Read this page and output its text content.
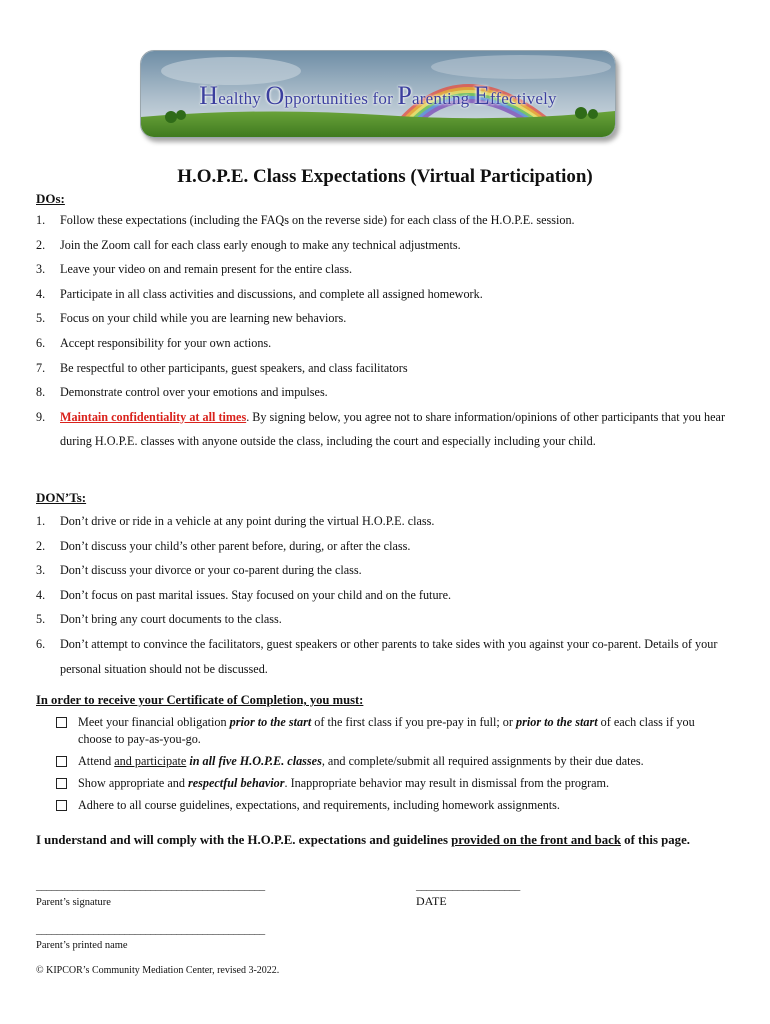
Healthy Opportunities for Parenting Effectively
H.O.P.E. Class Expectations (Virtual Participation)

DOs:

1. Follow these expectations (including the FAQs on the reverse side) for each class of the H.O.P.E. session.
2. Join the Zoom call for each class early enough to make any technical adjustments.
3. Leave your video on and remain present for the entire class.
4. Participate in all class activities and discussions, and complete all assigned homework.
5. Focus on your child while you are learning new behaviors.
6. Accept responsibility for your own actions.
7. Be respectful to other participants, guest speakers, and class facilitators
8. Demonstrate control over your emotions and impulses.
9. Maintain confidentiality at all times. By signing below, you agree not to share information/opinions of other participants that you hear during H.O.P.E. classes with anyone outside the class, including the court and especially including your child.

DON’Ts:

1. Don’t drive or ride in a vehicle at any point during the virtual H.O.P.E. class.
2. Don’t discuss your child’s other parent before, during, or after the class.
3. Don’t discuss your divorce or your co-parent during the class.
4. Don’t focus on past marital issues. Stay focused on your child and on the future.
5. Don’t bring any court documents to the class.
6. Don’t attempt to convince the facilitators, guest speakers or other parents to take sides with you against your co-parent. Details of your personal situation should not be discussed.

In order to receive your Certificate of Completion, you must:

Meet your financial obligation prior to the start of the first class if you pre-pay in full; or prior to the start of each class if you choose to pay-as-you-go.
Attend and participate in all five H.O.P.E. classes, and complete/submit all required assignments by their due dates.
Show appropriate and respectful behavior. Inappropriate behavior may result in dismissal from the program.
Adhere to all course guidelines, expectations, and requirements, including homework assignments.

I understand and will comply with the H.O.P.E. expectations and guidelines provided on the front and back of this page.

____________________________________________
Parent’s signature
____________________
DATE
____________________________________________
Parent’s printed name
© KIPCOR’s Community Mediation Center, revised 3-2022.
